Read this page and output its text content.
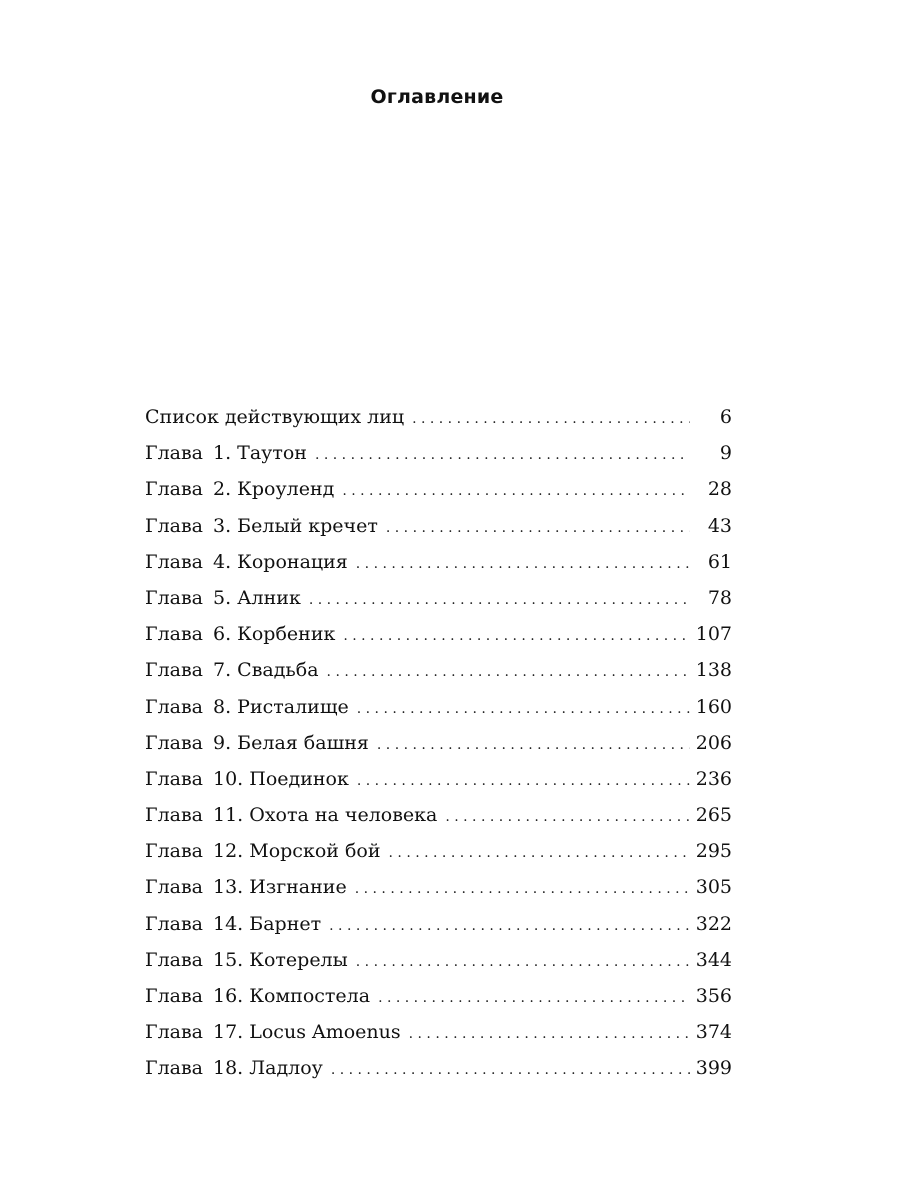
Оглавление
Список действующих лиц . . .	6
Глава 1. Таутон . . .	9
Глава 2. Кроуленд . . .	28
Глава 3. Белый кречет . . .	43
Глава 4. Коронация . . .	61
Глава 5. Алник . . .	78
Глава 6. Корбеник . . .	107
Глава 7. Свадьба . . .	138
Глава 8. Ристалище . . .	160
Глава 9. Белая башня . . .	206
Глава 10. Поединок . . .	236
Глава 11. Охота на человека . . .	265
Глава 12. Морской бой . . .	295
Глава 13. Изгнание . . .	305
Глава 14. Барнет . . .	322
Глава 15. Котерелы . . .	344
Глава 16. Компостела . . .	356
Глава 17. Locus Amoenus . . .	374
Глава 18. Ладлоу . . .	399
